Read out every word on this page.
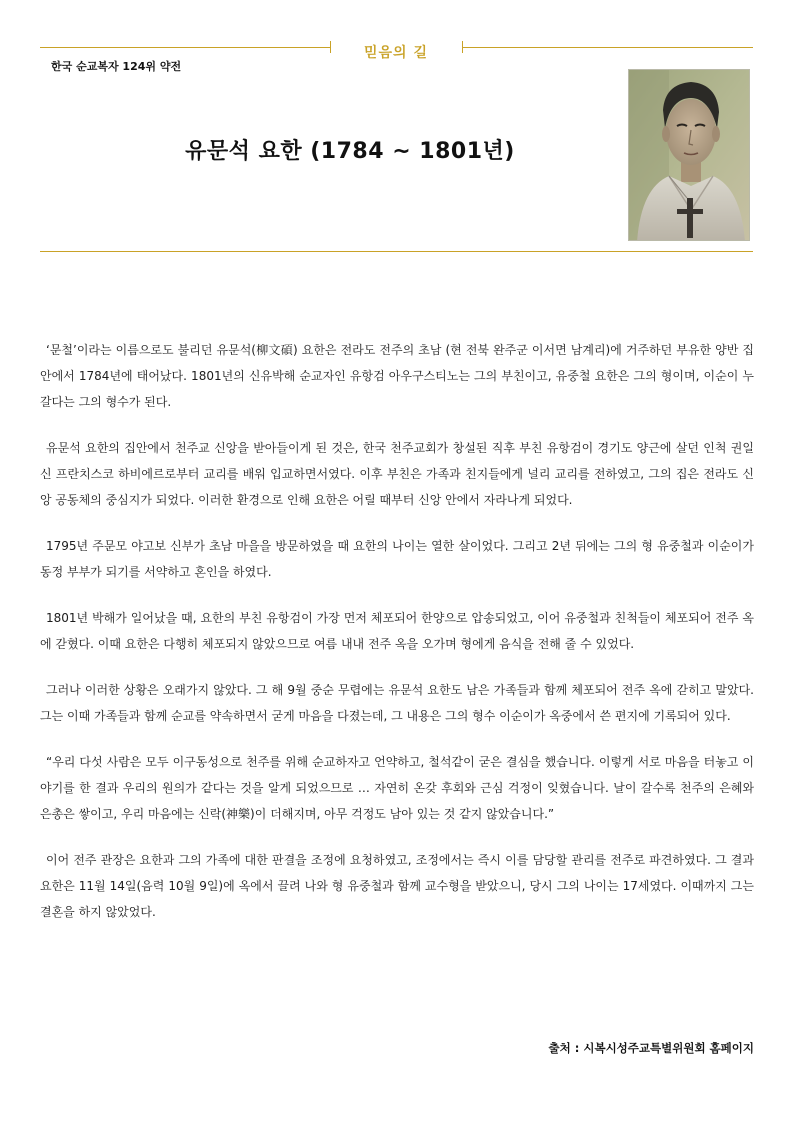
믿음의 길
한국 순교복자 124위 약전
유문석 요한 (1784 ~ 1801년)

‘문철’이라는 이름으로도 불리던 유문석(柳文碩) 요한은 전라도 전주의 초남 (현 전북 완주군 이서면 남계리)에 거주하던 부유한 양반 집안에서 1784년에 태어났다. 1801년의 신유박해 순교자인 유항검 아우구스티노는 그의 부친이고, 유중철 요한은 그의 형이며, 이순이 누갈다는 그의 형수가 된다.

유문석 요한의 집안에서 천주교 신앙을 받아들이게 된 것은, 한국 천주교회가 창설된 직후 부친 유항검이 경기도 양근에 살던 인척 권일신 프란치스코 하비에르로부터 교리를 배워 입교하면서였다. 이후 부친은 가족과 친지들에게 널리 교리를 전하였고, 그의 집은 전라도 신앙 공동체의 중심지가 되었다. 이러한 환경으로 인해 요한은 어릴 때부터 신앙 안에서 자라나게 되었다.

1795년 주문모 야고보 신부가 초남 마을을 방문하였을 때 요한의 나이는 열한 살이었다. 그리고 2년 뒤에는 그의 형 유중철과 이순이가 동정 부부가 되기를 서약하고 혼인을 하였다.

1801년 박해가 일어났을 때, 요한의 부친 유항검이 가장 먼저 체포되어 한양으로 압송되었고, 이어 유중철과 친척들이 체포되어 전주 옥에 갇혔다. 이때 요한은 다행히 체포되지 않았으므로 여름 내내 전주 옥을 오가며 형에게 음식을 전해 줄 수 있었다.

그러나 이러한 상황은 오래가지 않았다. 그 해 9월 중순 무렵에는 유문석 요한도 남은 가족들과 함께 체포되어 전주 옥에 갇히고 말았다. 그는 이때 가족들과 함께 순교를 약속하면서 굳게 마음을 다졌는데, 그 내용은 그의 형수 이순이가 옥중에서 쓴 편지에 기록되어 있다.

“우리 다섯 사람은 모두 이구동성으로 천주를 위해 순교하자고 언약하고, 철석같이 굳은 결심을 했습니다. 이렇게 서로 마음을 터놓고 이야기를 한 결과 우리의 원의가 같다는 것을 알게 되었으므로 … 자연히 온갖 후회와 근심 걱정이 잊혔습니다. 날이 갈수록 천주의 은혜와 은총은 쌓이고, 우리 마음에는 신락(神樂)이 더해지며, 아무 걱정도 남아 있는 것 같지 않았습니다.”

이어 전주 관장은 요한과 그의 가족에 대한 판결을 조정에 요청하였고, 조정에서는 즉시 이를 담당할 관리를 전주로 파견하였다. 그 결과 요한은 11월 14일(음력 10월 9일)에 옥에서 끌려 나와 형 유중철과 함께 교수형을 받았으니, 당시 그의 나이는 17세였다. 이때까지 그는 결혼을 하지 않았었다.

출처 : 시복시성주교특별위원회 홈페이지
